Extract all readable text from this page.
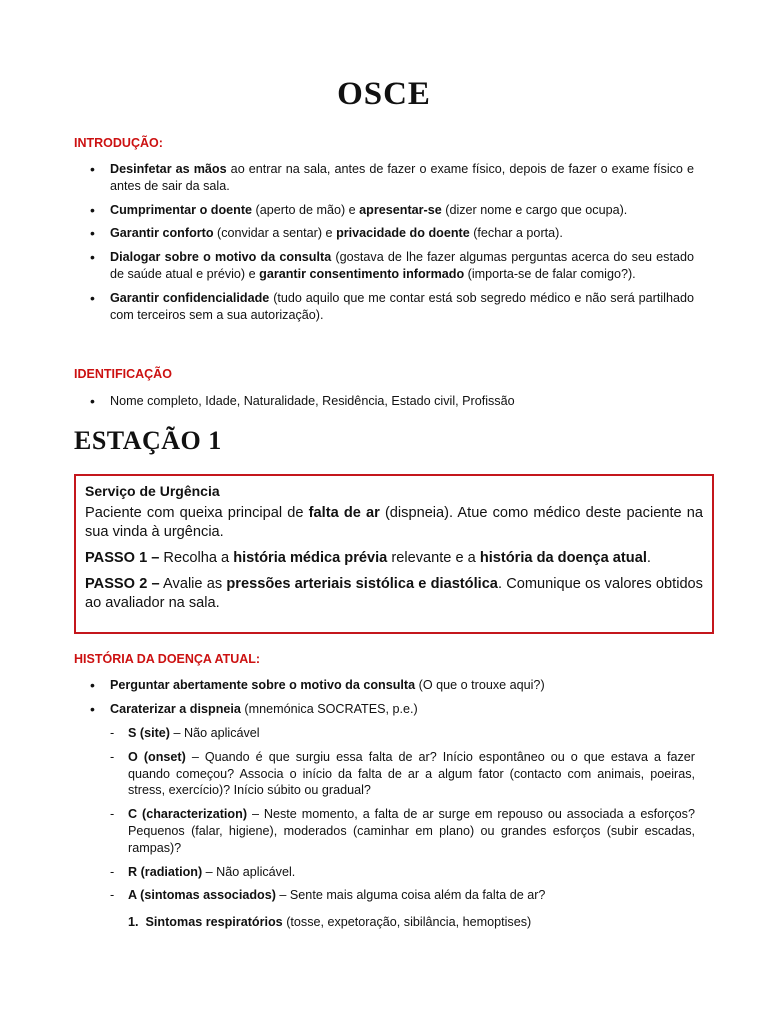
OSCE
INTRODUÇÃO:
• Desinfetar as mãos ao entrar na sala, antes de fazer o exame físico, depois de fazer o exame físico e antes de sair da sala.
• Cumprimentar o doente (aperto de mão) e apresentar-se (dizer nome e cargo que ocupa).
• Garantir conforto (convidar a sentar) e privacidade do doente (fechar a porta).
• Dialogar sobre o motivo da consulta (gostava de lhe fazer algumas perguntas acerca do seu estado de saúde atual e prévio) e garantir consentimento informado (importa-se de falar comigo?).
• Garantir confidencialidade (tudo aquilo que me contar está sob segredo médico e não será partilhado com terceiros sem a sua autorização).
IDENTIFICAÇÃO
• Nome completo, Idade, Naturalidade, Residência, Estado civil, Profissão
ESTAÇÃO 1

Serviço de Urgência

Paciente com queixa principal de falta de ar (dispneia). Atue como médico deste paciente na sua vinda à urgência.

PASSO 1 – Recolha a história médica prévia relevante e a história da doença atual.

PASSO 2 – Avalie as pressões arteriais sistólica e diastólica. Comunique os valores obtidos ao avaliador na sala.

HISTÓRIA DA DOENÇA ATUAL:
• Perguntar abertamente sobre o motivo da consulta (O que o trouxe aqui?)
• Caraterizar a dispneia (mnemónica SOCRATES, p.e.)
- S (site) – Não aplicável
- O (onset) – Quando é que surgiu essa falta de ar? Início espontâneo ou o que estava a fazer quando começou? Associa o início da falta de ar a algum fator (contacto com animais, poeiras, stress, exercício)? Início súbito ou gradual?
- C (characterization) – Neste momento, a falta de ar surge em repouso ou associada a esforços? Pequenos (falar, higiene), moderados (caminhar em plano) ou grandes esforços (subir escadas, rampas)?
- R (radiation) – Não aplicável.
- A (sintomas associados) – Sente mais alguma coisa além da falta de ar?
1. Sintomas respiratórios (tosse, expetoração, sibilância, hemoptises)
